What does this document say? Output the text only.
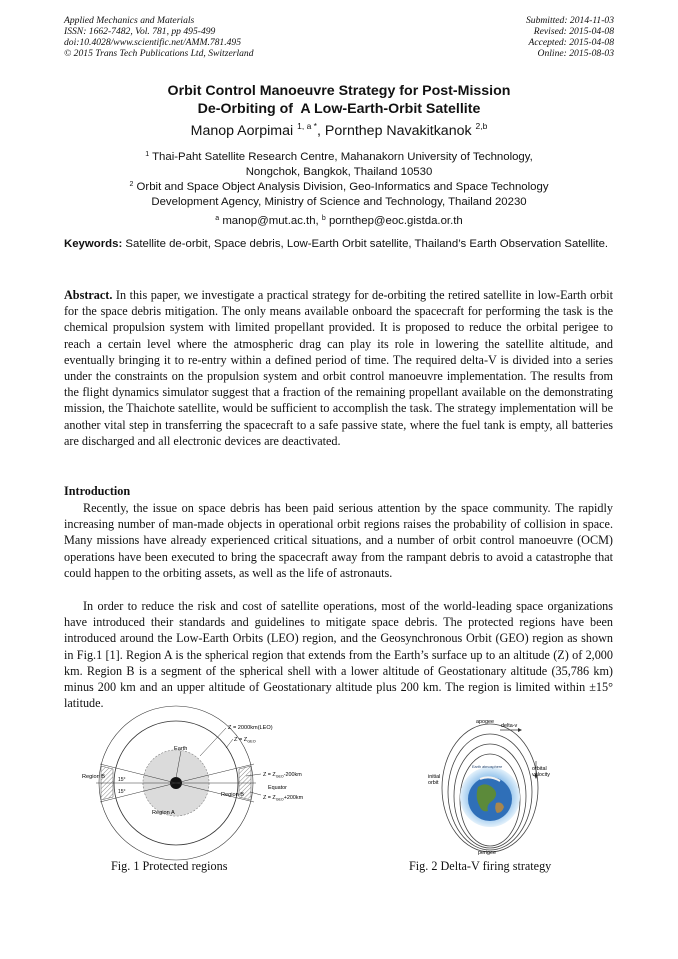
Applied Mechanics and Materials
ISSN: 1662-7482, Vol. 781, pp 495-499
doi:10.4028/www.scientific.net/AMM.781.495
© 2015 Trans Tech Publications Ltd, Switzerland
Submitted: 2014-11-03
Revised: 2015-04-08
Accepted: 2015-04-08
Online: 2015-08-03
Orbit Control Manoeuvre Strategy for Post-Mission
De-Orbiting of  A Low-Earth-Orbit Satellite
Manop Aorpimai $^{1, a *}$, Pornthep Navakitkanok $^{2,b}$
$^1$ Thai-Paht Satellite Research Centre, Mahanakorn University of Technology,
Nongchok, Bangkok, Thailand 10530
$^2$ Orbit and Space Object Analysis Division, Geo-Informatics and Space Technology
Development Agency, Ministry of Science and Technology, Thailand 20230
$^a$ manop@mut.ac.th, $^b$ pornthep@eoc.gistda.or.th
Keywords: Satellite de-orbit, Space debris, Low-Earth Orbit satellite, Thailand’s Earth Observation Satellite.
Abstract. In this paper, we investigate a practical strategy for de-orbiting the retired satellite in low-Earth orbit for the space debris mitigation. The only means available onboard the spacecraft for performing the task is the chemical propulsion system with limited propellant provided. It is proposed to reduce the orbital perigee to reach a certain level where the atmospheric drag can play its role in lowering the satellite altitude, and eventually bringing it to re-entry within a defined period of time. The required delta-V is divided into a series under the constraints on the propulsion system and orbit control manoeuvre implementation. The results from the flight dynamics simulator suggest that a fraction of the remaining propellant available on the demonstrating mission, the Thaichote satellite, would be sufficient to accomplish the task. The strategy implementation will be another vital step in transferring the spacecraft to a safe passive state, where the fuel tank is empty, all batteries are discharged and all electronic devices are deactivated.
Introduction
Recently, the issue on space debris has been paid serious attention by the space community. The rapidly increasing number of man-made objects in operational orbit regions raises the probability of collision in space. Many missions have already experienced critical situations, and a number of orbit control manoeuvre (OCM) operations have been executed to bring the spacecraft away from the rampant debris to avoid a catastrophe that could happen to the orbiting assets, as well as the life of astronauts.
In order to reduce the risk and cost of satellite operations, most of the world-leading space organizations have introduced their standards and guidelines to mitigate space debris. The protected regions have been introduced around the Low-Earth Orbits (LEO) region, and the Geosynchronous Orbit (GEO) region as shown in Fig.1 [1]. Region A is the spherical region that extends from the Earth’s surface up to an altitude (Z) of 2,000 km. Region B is a segment of the spherical shell with a lower altitude of Geostationary altitude (35,786 km) minus 200 km and an upper altitude of Geostationary altitude plus 200 km. The region is limited within ±15° latitude.
Z = 2000km(LEO)
$Z = Z_{GEO}$
Earth
Region B
Region B
Region A
15°
15°
$Z = Z_{GEO}-200km$
Equator
$Z = Z_{GEO}+200km$
apogee
delta-v
Earth atmosphere
initial
orbit
orbital
velocity
perigee
Fig. 1 Protected regions	Fig. 2 Delta-V firing strategy
